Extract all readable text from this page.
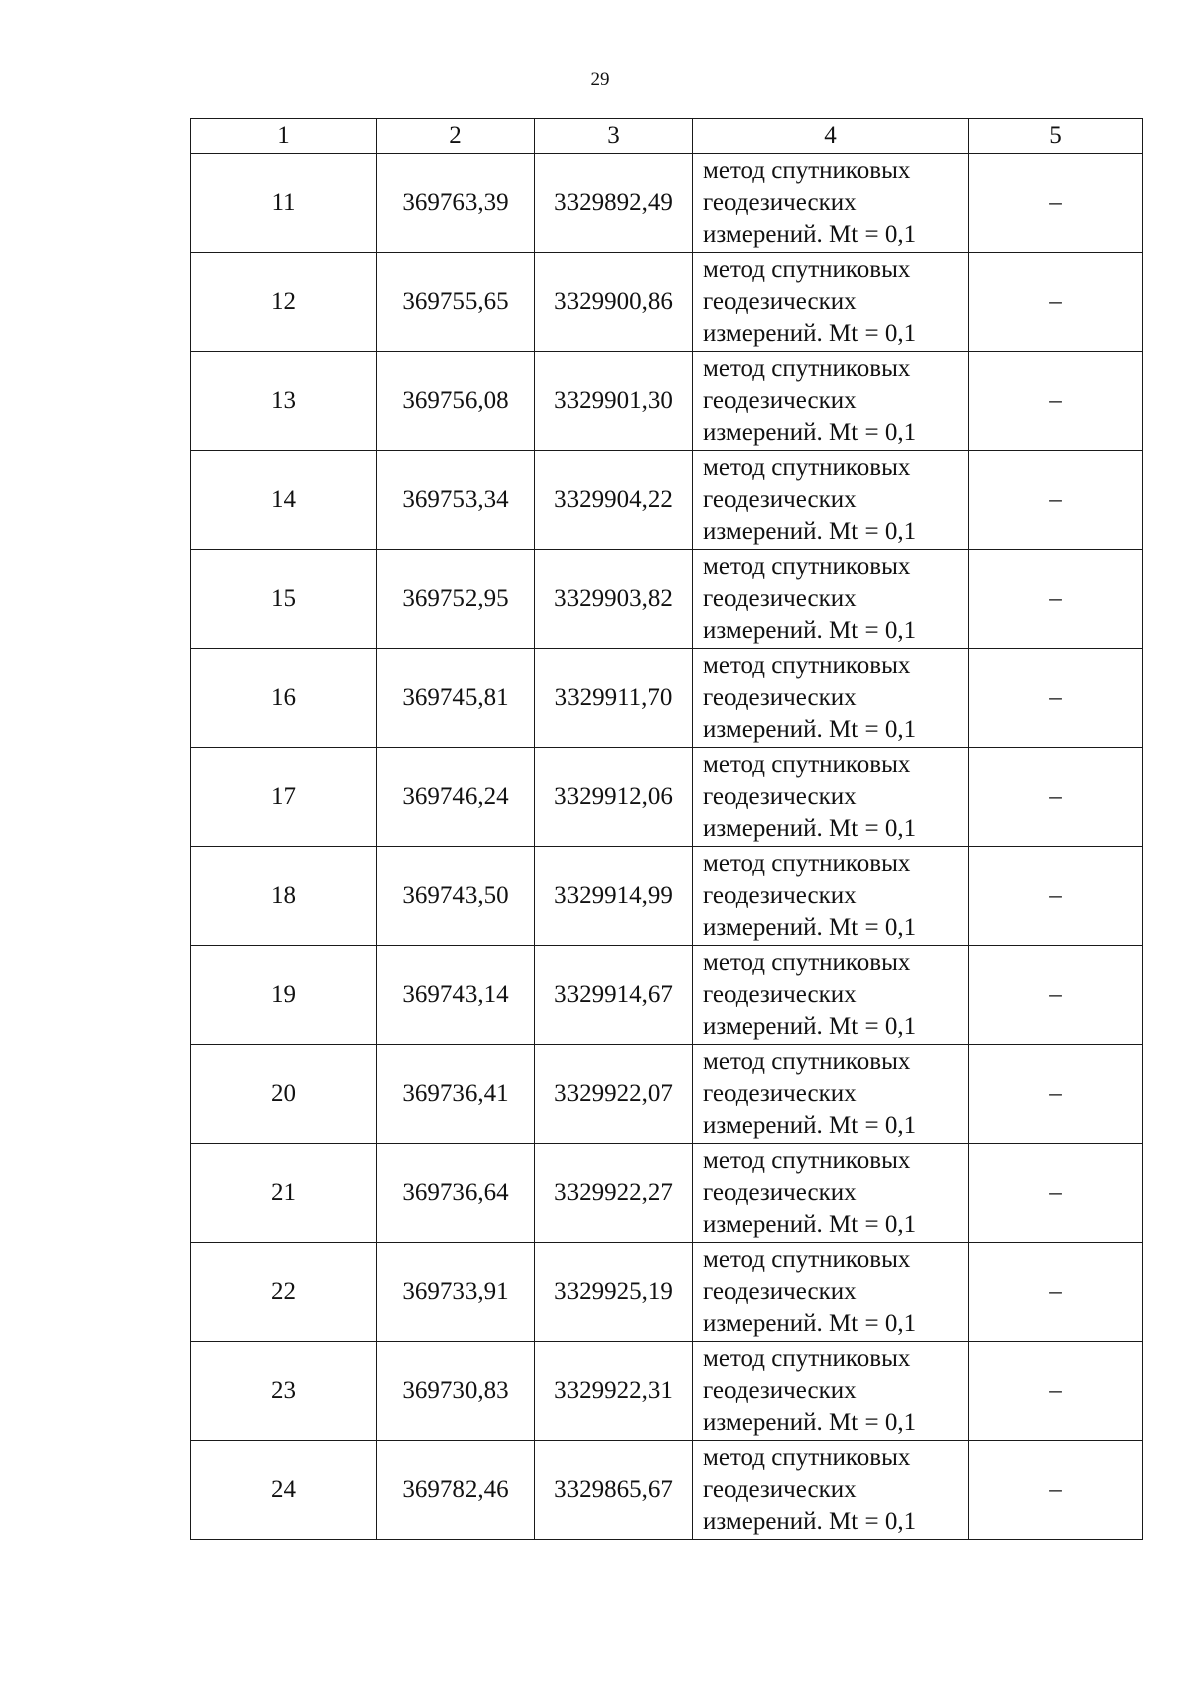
29
1	2	3	4	5
11	369763,39	3329892,49	метод спутниковых
геодезических
измерений. Mt = 0,1	–
12	369755,65	3329900,86	метод спутниковых
геодезических
измерений. Mt = 0,1	–
13	369756,08	3329901,30	метод спутниковых
геодезических
измерений. Mt = 0,1	–
14	369753,34	3329904,22	метод спутниковых
геодезических
измерений. Mt = 0,1	–
15	369752,95	3329903,82	метод спутниковых
геодезических
измерений. Mt = 0,1	–
16	369745,81	3329911,70	метод спутниковых
геодезических
измерений. Mt = 0,1	–
17	369746,24	3329912,06	метод спутниковых
геодезических
измерений. Mt = 0,1	–
18	369743,50	3329914,99	метод спутниковых
геодезических
измерений. Mt = 0,1	–
19	369743,14	3329914,67	метод спутниковых
геодезических
измерений. Mt = 0,1	–
20	369736,41	3329922,07	метод спутниковых
геодезических
измерений. Mt = 0,1	–
21	369736,64	3329922,27	метод спутниковых
геодезических
измерений. Mt = 0,1	–
22	369733,91	3329925,19	метод спутниковых
геодезических
измерений. Mt = 0,1	–
23	369730,83	3329922,31	метод спутниковых
геодезических
измерений. Mt = 0,1	–
24	369782,46	3329865,67	метод спутниковых
геодезических
измерений. Mt = 0,1	–
